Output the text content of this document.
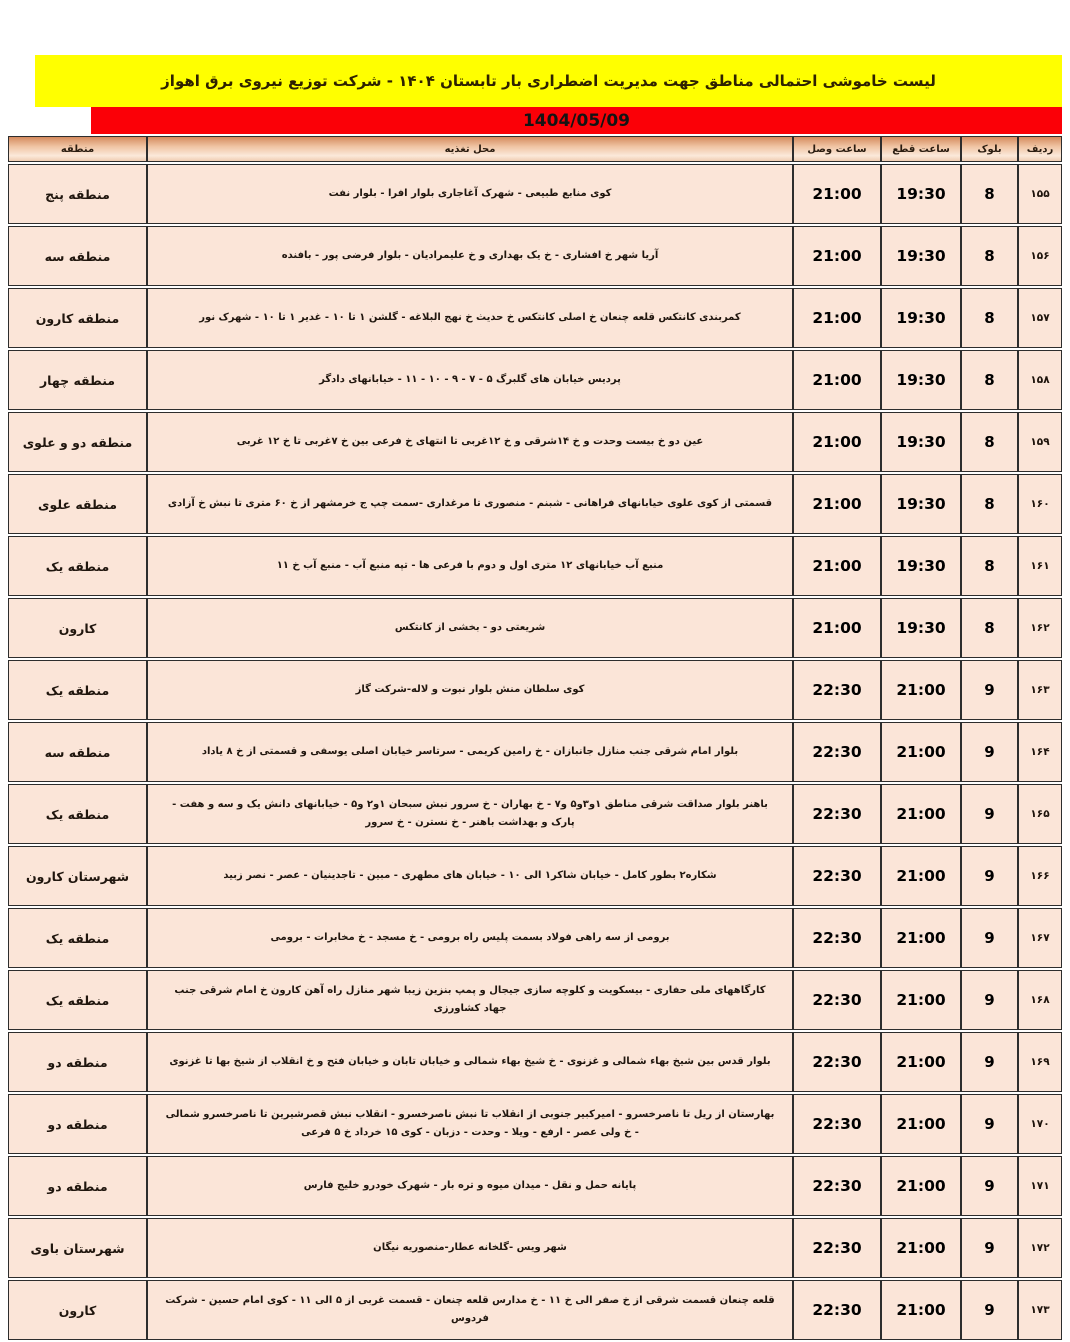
لیست خاموشی احتمالی مناطق جهت مدیریت اضطراری بار تابستان ۱۴۰۴ - شرکت توزیع نیروی برق اهواز
1404/05/09
ردیف	بلوک	ساعت قطع	ساعت وصل	محل تغذیه	منطقه
۱۵۵	8	19:30	21:00	کوی منابع طبیعی - شهرک آغاجاری بلوار افرا - بلوار نفت	منطقه پنج
۱۵۶	8	19:30	21:00	آریا شهر خ افشاری - خ یک بهداری و خ علیمرادیان - بلوار فرضی پور - بافنده	منطقه سه
۱۵۷	8	19:30	21:00	کمربندی کانتکس قلعه چنعان خ اصلی کانتکس خ حدیث خ نهج البلاغه - گلشن ۱ تا ۱۰ - غدیر ۱ تا ۱۰ - شهرک نور	منطقه کارون
۱۵۸	8	19:30	21:00	پردیس خیابان های گلبرگ ۵ - ۷ - ۹ - ۱۰ - ۱۱ - خیابانهای دادگر	منطقه چهار
۱۵۹	8	19:30	21:00	عین دو خ بیست وحدت و خ ۱۴شرقی و خ ۱۲غربی تا انتهای خ فرعی بین خ ۷غربی تا خ ۱۲ غربی	منطقه دو و علوی
۱۶۰	8	19:30	21:00	قسمتی از کوی علوی خیابانهای فراهانی - شبنم - منصوری تا مرغداری -سمت چپ ج خرمشهر از خ ۶۰ متری تا نبش خ آزادی	منطقه علوی
۱۶۱	8	19:30	21:00	منبع آب خیابانهای ۱۲ متری اول و دوم با فرعی ها - تپه منبع آب - منبع آب خ ۱۱	منطقه یک
۱۶۲	8	19:30	21:00	شریعتی دو - بخشی از کانتکس	کارون
۱۶۳	9	21:00	22:30	کوی سلطان منش بلوار نبوت و لاله-شرکت گاز	منطقه یک
۱۶۴	9	21:00	22:30	بلوار امام شرقی جنب منازل جانبازان - خ رامین کریمی - سرتاسر خیابان اصلی یوسفی و قسمتی از خ ۸ یاداد	منطقه سه
۱۶۵	9	21:00	22:30	باهنر بلوار صداقت شرقی مناطق ۱و۳و۵ و۷ - خ بهاران - خ سرور نبش سبحان ۱و۲ و۵ - خیابانهای دانش یک و سه و هفت - پارک و بهداشت باهنر - خ نسترن - خ سرور	منطقه یک
۱۶۶	9	21:00	22:30	شکاره۲ بطور کامل - خیابان شاکر۱ الی ۱۰ - خیابان های مطهری - مبین - تاجدینیان - عصر - نصر زبید	شهرستان کارون
۱۶۷	9	21:00	22:30	برومی از سه راهی فولاد بسمت پلیس راه برومی - خ مسجد - خ مخابرات - برومی	منطقه یک
۱۶۸	9	21:00	22:30	کارگاههای ملی حفاری - بیسکویت و کلوچه سازی جیجال و پمپ بنزین زیبا شهر منازل راه آهن کارون خ امام شرقی جنب جهاد کشاورزی	منطقه یک
۱۶۹	9	21:00	22:30	بلوار قدس بین شیخ بهاء شمالی و غزنوی - خ شیخ بهاء شمالی و خیابان تابان و خیابان فتح و خ انقلاب از شیخ بها تا غزنوی	منطقه دو
۱۷۰	9	21:00	22:30	بهارستان از ریل تا ناصرخسرو - امیرکبیر جنوبی از انقلاب تا نبش ناصرخسرو - انقلاب نبش قصرشیرین تا ناصرخسرو شمالی - خ ولی عصر - ارفع - ویلا - وحدت - دزبان - کوی ۱۵ خرداد خ ۵ فرعی	منطقه دو
۱۷۱	9	21:00	22:30	پایانه حمل و نقل - میدان میوه و تره بار - شهرک خودرو خلیج فارس	منطقه دو
۱۷۲	9	21:00	22:30	شهر ویس -گلخانه عطار-منصوریه نیگان	شهرستان باوی
۱۷۳	9	21:00	22:30	قلعه چنعان قسمت شرقی از خ صفر الی خ ۱۱ - خ مدارس قلعه چنعان - قسمت غربی از ۵ الی ۱۱ - کوی امام حسین - شرکت فردوس	کارون
